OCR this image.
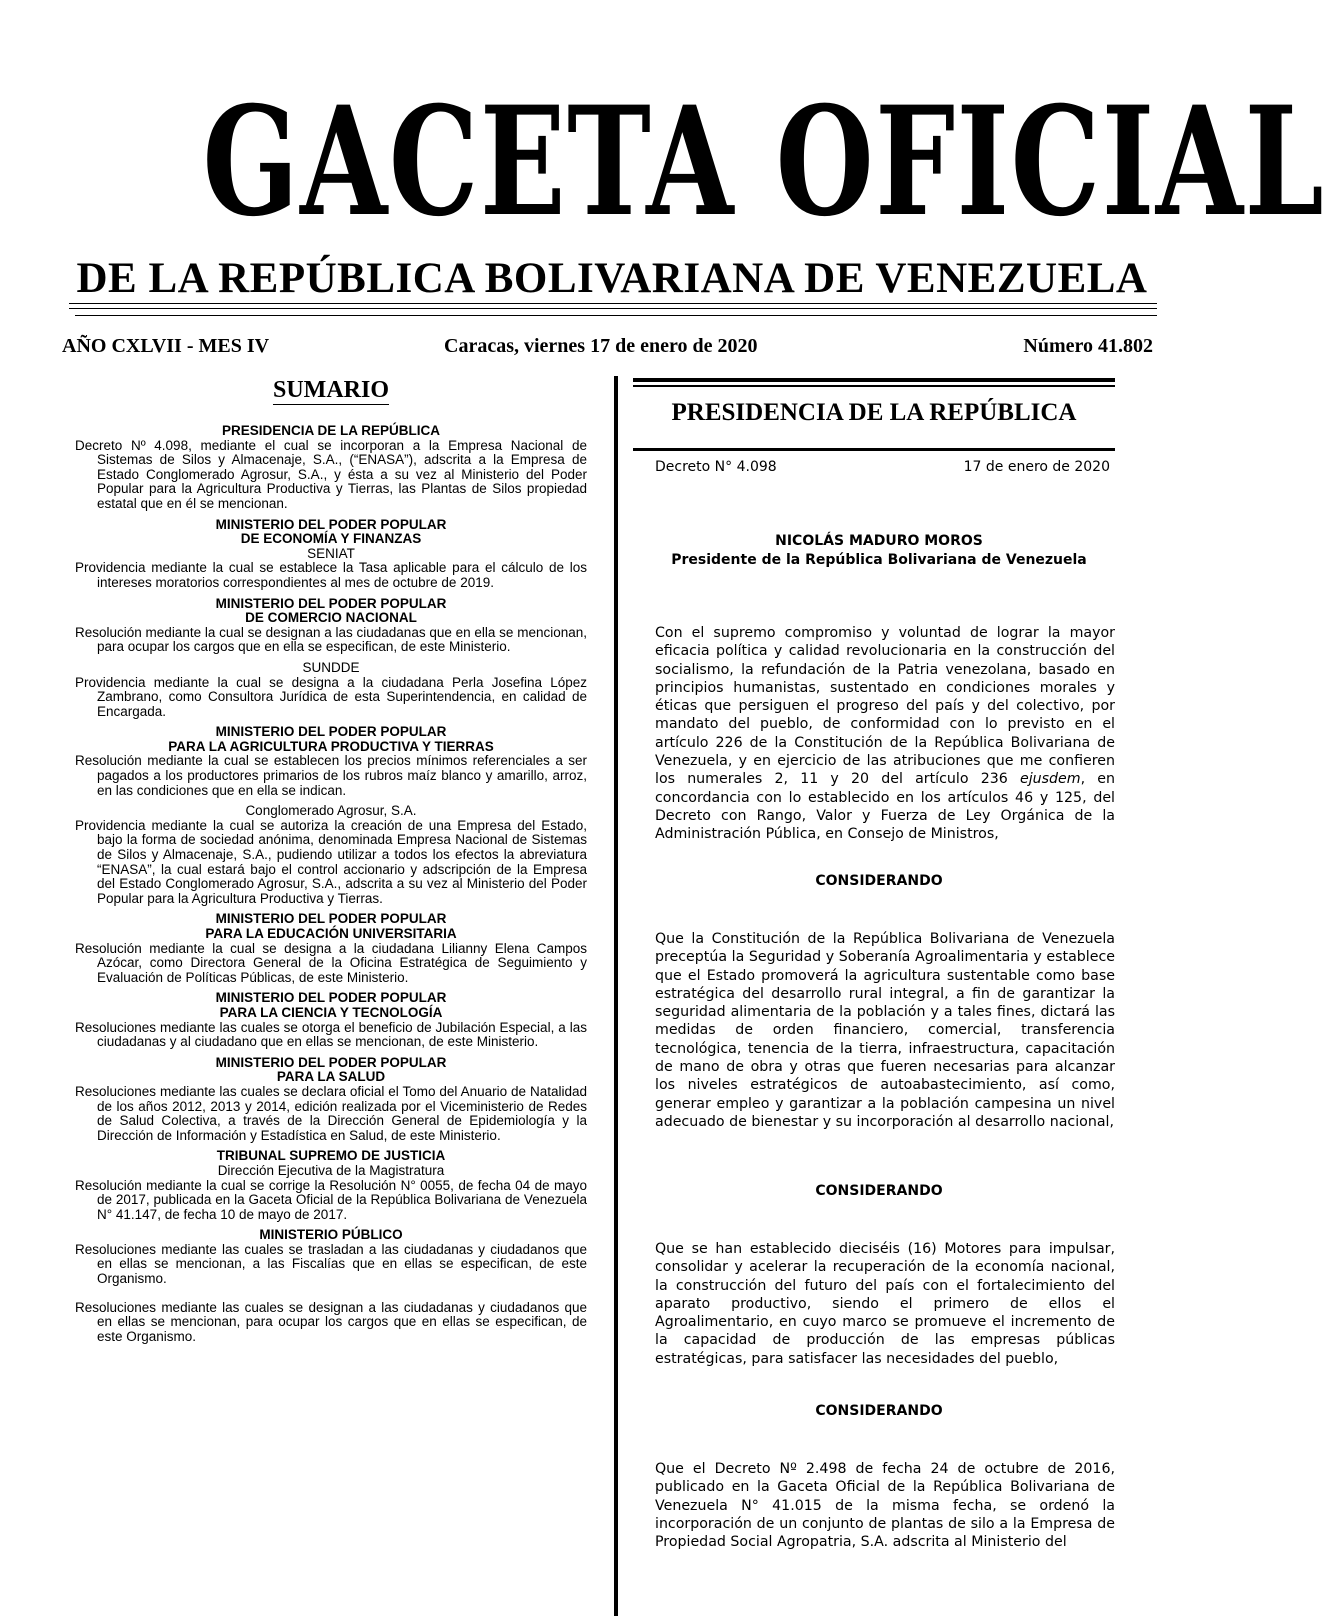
GACETA OFICIAL
DE LA REPÚBLICA BOLIVARIANA DE VENEZUELA
AÑO CXLVII - MES IV	Caracas, viernes 17 de enero de 2020	Número 41.802
SUMARIO
PRESIDENCIA DE LA REPÚBLICA
Decreto Nº 4.098, mediante el cual se incorporan a la Empresa Nacional de Sistemas de Silos y Almacenaje, S.A., (“ENASA”), adscrita a la Empresa de Estado Conglomerado Agrosur, S.A., y ésta a su vez al Ministerio del Poder Popular para la Agricultura Productiva y Tierras, las Plantas de Silos propiedad estatal que en él se mencionan.
MINISTERIO DEL PODER POPULAR
DE ECONOMÍA Y FINANZAS
SENIAT
Providencia mediante la cual se establece la Tasa aplicable para el cálculo de los intereses moratorios correspondientes al mes de octubre de 2019.
MINISTERIO DEL PODER POPULAR
DE COMERCIO NACIONAL
Resolución mediante la cual se designan a las ciudadanas que en ella se mencionan, para ocupar los cargos que en ella se especifican, de este Ministerio.
SUNDDE
Providencia mediante la cual se designa a la ciudadana Perla Josefina López Zambrano, como Consultora Jurídica de esta Superintendencia, en calidad de Encargada.
MINISTERIO DEL PODER POPULAR
PARA LA AGRICULTURA PRODUCTIVA Y TIERRAS
Resolución mediante la cual se establecen los precios mínimos referenciales a ser pagados a los productores primarios de los rubros maíz blanco y amarillo, arroz, en las condiciones que en ella se indican.
Conglomerado Agrosur, S.A.
Providencia mediante la cual se autoriza la creación de una Empresa del Estado, bajo la forma de sociedad anónima, denominada Empresa Nacional de Sistemas de Silos y Almacenaje, S.A., pudiendo utilizar a todos los efectos la abreviatura “ENASA”, la cual estará bajo el control accionario y adscripción de la Empresa del Estado Conglomerado Agrosur, S.A., adscrita a su vez al Ministerio del Poder Popular para la Agricultura Productiva y Tierras.
MINISTERIO DEL PODER POPULAR
PARA LA EDUCACIÓN UNIVERSITARIA
Resolución mediante la cual se designa a la ciudadana Lilianny Elena Campos Azócar, como Directora General de la Oficina Estratégica de Seguimiento y Evaluación de Políticas Públicas, de este Ministerio.
MINISTERIO DEL PODER POPULAR
PARA LA CIENCIA Y TECNOLOGÍA
Resoluciones mediante las cuales se otorga el beneficio de Jubilación Especial, a las ciudadanas y al ciudadano que en ellas se mencionan, de este Ministerio.
MINISTERIO DEL PODER POPULAR
PARA LA SALUD
Resoluciones mediante las cuales se declara oficial el Tomo del Anuario de Natalidad de los años 2012, 2013 y 2014, edición realizada por el Viceministerio de Redes de Salud Colectiva, a través de la Dirección General de Epidemiología y la Dirección de Información y Estadística en Salud, de este Ministerio.
TRIBUNAL SUPREMO DE JUSTICIA
Dirección Ejecutiva de la Magistratura
Resolución mediante la cual se corrige la Resolución N° 0055, de fecha 04 de mayo de 2017, publicada en la Gaceta Oficial de la República Bolivariana de Venezuela N° 41.147, de fecha 10 de mayo de 2017.
MINISTERIO PÚBLICO
Resoluciones mediante las cuales se trasladan a las ciudadanas y ciudadanos que en ellas se mencionan, a las Fiscalías que en ellas se especifican, de este Organismo.
Resoluciones mediante las cuales se designan a las ciudadanas y ciudadanos que en ellas se mencionan, para ocupar los cargos que en ellas se especifican, de este Organismo.
PRESIDENCIA DE LA REPÚBLICA
Decreto N° 4.098	17 de enero de 2020
NICOLÁS MADURO MOROS
Presidente de la República Bolivariana de Venezuela
Con el supremo compromiso y voluntad de lograr la mayor eficacia política y calidad revolucionaria en la construcción del socialismo, la refundación de la Patria venezolana, basado en principios humanistas, sustentado en condiciones morales y éticas que persiguen el progreso del país y del colectivo, por mandato del pueblo, de conformidad con lo previsto en el artículo 226 de la Constitución de la República Bolivariana de Venezuela, y en ejercicio de las atribuciones que me confieren los numerales 2, 11 y 20 del artículo 236 ejusdem, en concordancia con lo establecido en los artículos 46 y 125, del Decreto con Rango, Valor y Fuerza de Ley Orgánica de la Administración Pública, en Consejo de Ministros,
CONSIDERANDO
Que la Constitución de la República Bolivariana de Venezuela preceptúa la Seguridad y Soberanía Agroalimentaria y establece que el Estado promoverá la agricultura sustentable como base estratégica del desarrollo rural integral, a fin de garantizar la seguridad alimentaria de la población y a tales fines, dictará las medidas de orden financiero, comercial, transferencia tecnológica, tenencia de la tierra, infraestructura, capacitación de mano de obra y otras que fueren necesarias para alcanzar los niveles estratégicos de autoabastecimiento, así como, generar empleo y garantizar a la población campesina un nivel adecuado de bienestar y su incorporación al desarrollo nacional,
CONSIDERANDO
Que se han establecido dieciséis (16) Motores para impulsar, consolidar y acelerar la recuperación de la economía nacional, la construcción del futuro del país con el fortalecimiento del aparato productivo, siendo el primero de ellos el Agroalimentario, en cuyo marco se promueve el incremento de la capacidad de producción de las empresas públicas estratégicas, para satisfacer las necesidades del pueblo,
CONSIDERANDO
Que el Decreto Nº 2.498 de fecha 24 de octubre de 2016, publicado en la Gaceta Oficial de la República Bolivariana de Venezuela N° 41.015 de la misma fecha, se ordenó la incorporación de un conjunto de plantas de silo a la Empresa de Propiedad Social Agropatria, S.A. adscrita al Ministerio del
